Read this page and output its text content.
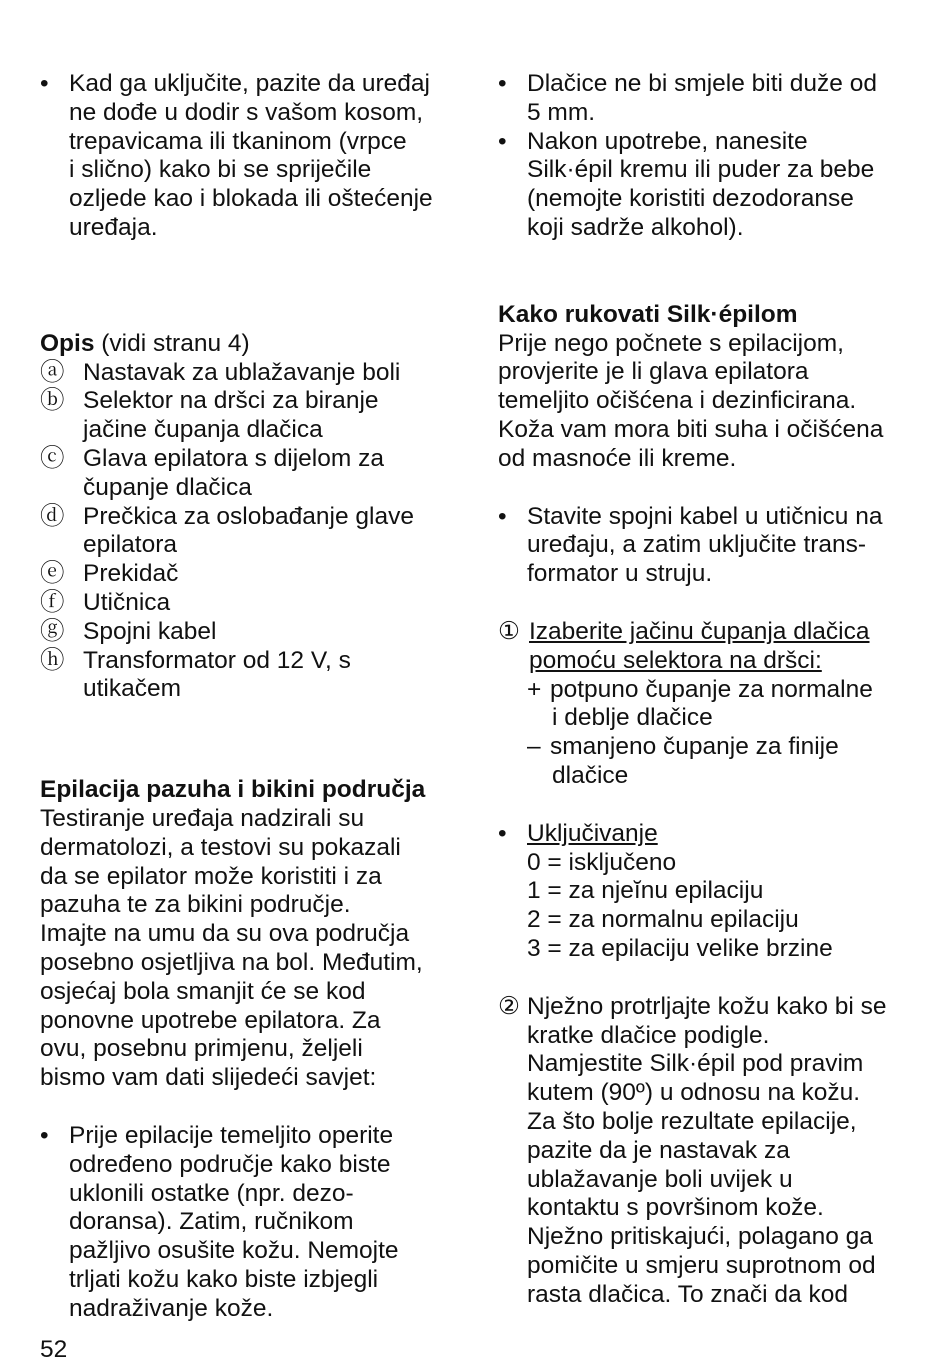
• Kad ga uključite, pazite da uređaj
ne dođe u dodir s vašom kosom,
trepavicama ili tkaninom (vrpce
i slično) kako bi se spriječile
ozljede kao i blokada ili oštećenje
uređaja.

Opis (vidi stranu 4)

ⓐ Nastavak za ublažavanje boli
ⓑ Selektor na dršci za biranje
jačine čupanja dlačica
ⓒ Glava epilatora s dijelom za
čupanje dlačica
ⓓ Prečkica za oslobađanje glave
epilatora
ⓔ Prekidač
ⓕ Utičnica
ⓖ Spojni kabel
ⓗ Transformator od 12 V, s
utikačem

Epilacija pazuha i bikini područja

Testiranje uređaja nadzirali su
dermatolozi, a testovi su pokazali
da se epilator može koristiti i za
pazuha te za bikini područje.
Imajte na umu da su ova područja
posebno osjetljiva na bol. Međutim,
osjećaj bola smanjit će se kod
ponovne upotrebe epilatora. Za
ovu, posebnu primjenu, željeli
bismo vam dati slijedeći savjet:
• Prije epilacije temeljito operite
određeno područje kako biste
uklonili ostatke (npr. dezo-
doransa). Zatim, ručnikom
pažljivo osušite kožu. Nemojte
trljati kožu kako biste izbjegli
nadraživanje kože.
• Dlačice ne bi smjele biti duže od
5 mm.
• Nakon upotrebe, nanesite
Silk·épil kremu ili puder za bebe
(nemojte koristiti dezodoranse
koji sadrže alkohol).

Kako rukovati Silk·épilom

Prije nego počnete s epilacijom,
provjerite je li glava epilatora
temeljito očišćena i dezinficirana.
Koža vam mora biti suha i očišćena
od masnoće ili kreme.
• Stavite spojni kabel u utičnicu na
uređaju, a zatim uključite trans-
formator u struju.
① Izaberite jačinu čupanja dlačica
pomoću selektora na dršci:
+ potpuno čupanje za normalne
i deblje dlačice
– smanjeno čupanje za finije
dlačice
• Uključivanje
0 = isključeno
1 = za njeĭnu epilaciju
2 = za normalnu epilaciju
3 = za epilaciju velike brzine
② Nježno protrljajte kožu kako bi se
kratke dlačice podigle.
Namjestite Silk·épil pod pravim
kutem (90º) u odnosu na kožu.
Za što bolje rezultate epilacije,
pazite da je nastavak za
ublažavanje boli uvijek u
kontaktu s površinom kože.
Nježno pritiskajući, polagano ga
pomičite u smjeru suprotnom od
rasta dlačica. To znači da kod
52
